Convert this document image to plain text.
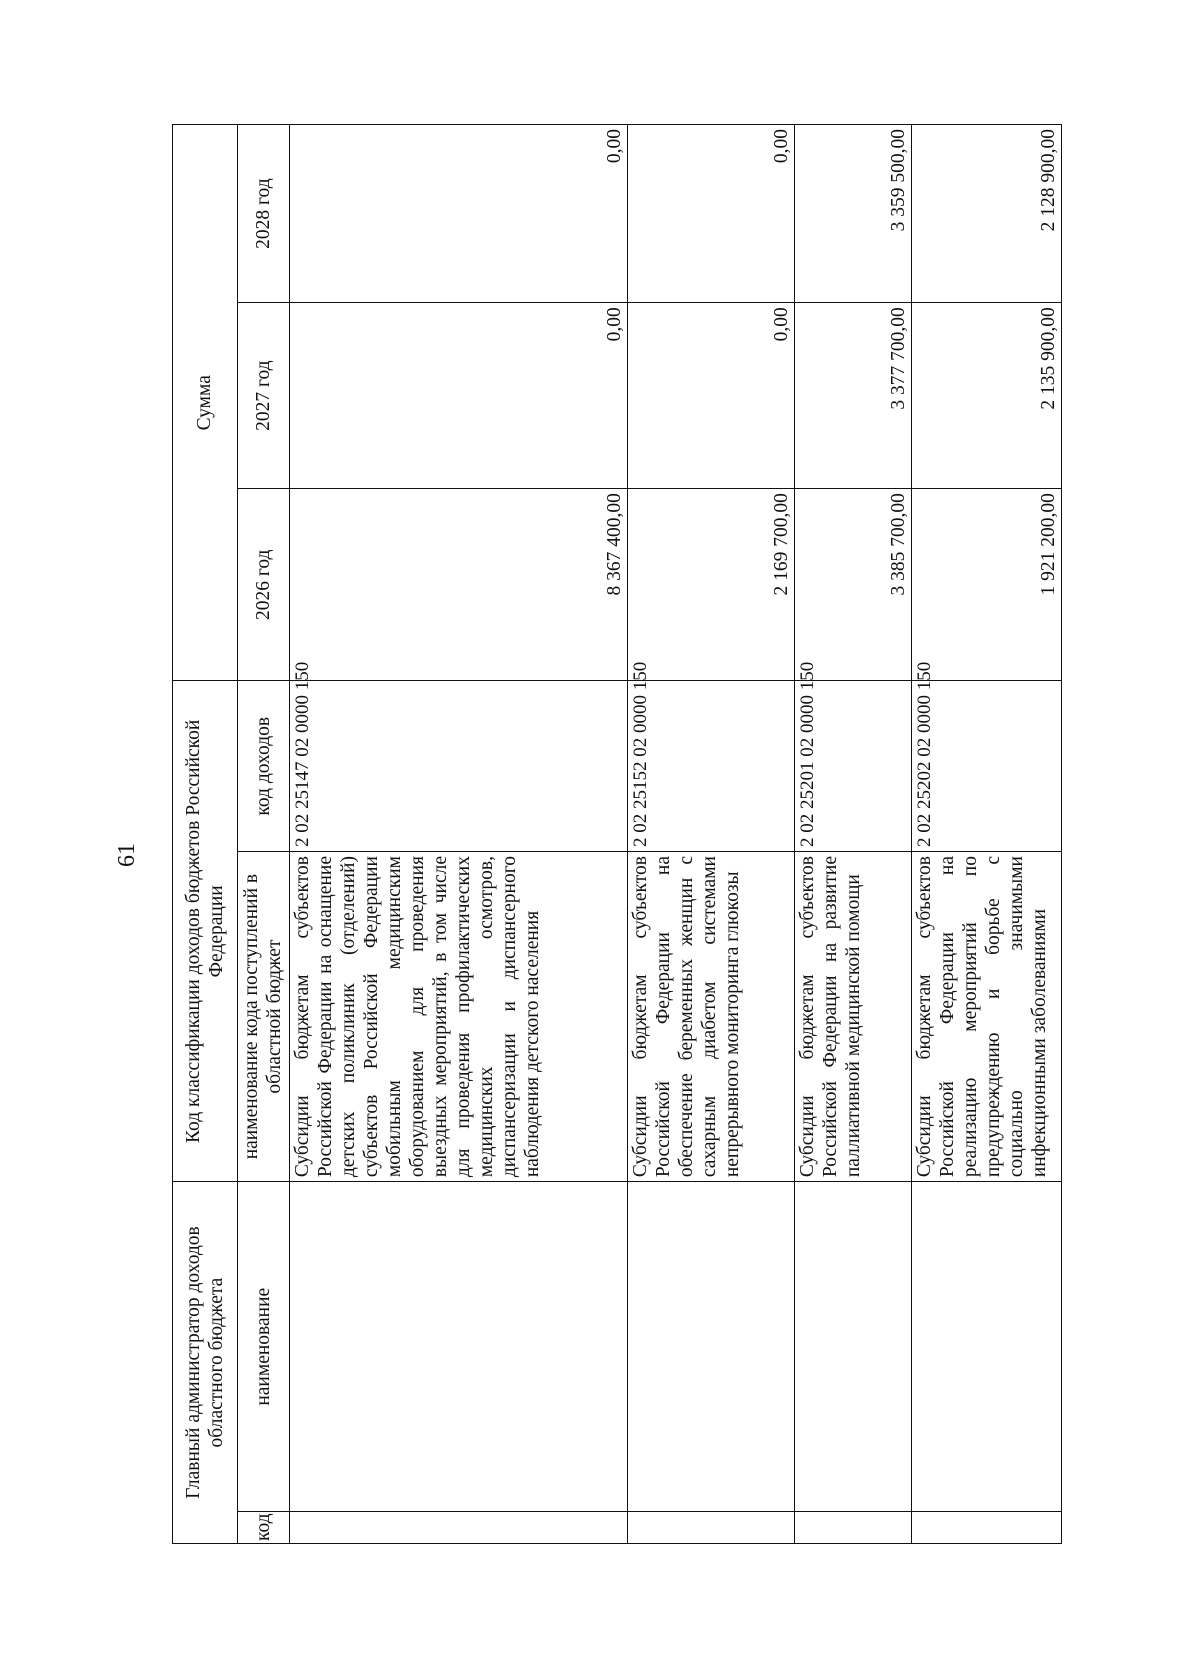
61
Главный администратор доходов областного бюджета		Код классификации доходов бюджетов Российской Федерации		Сумма		
код	наименование	наименование кода поступлений в областной бюджет	код доходов	2026 год	2027 год	2028 год
		Субсидии бюджетам субъектов Российской Федерации на оснащение детских поликлиник (отделений) субъектов Российской Федерации мобильным медицинским оборудованием для проведения выездных мероприятий, в том числе для проведения профилактических медицинских осмотров, диспансеризации и диспансерного наблюдения детского населения	2 02 25147 02 0000 150	8 367 400,00	0,00	0,00
		Субсидии бюджетам субъектов Российской Федерации на обеспечение беременных женщин с сахарным диабетом системами непрерывного мониторинга глюкозы	2 02 25152 02 0000 150	2 169 700,00	0,00	0,00
		Субсидии бюджетам субъектов Российской Федерации на развитие паллиативной медицинской помощи	2 02 25201 02 0000 150	3 385 700,00	3 377 700,00	3 359 500,00
		Субсидии бюджетам субъектов Российской Федерации на реализацию мероприятий по предупреждению и борьбе с социально значимыми инфекционными заболеваниями	2 02 25202 02 0000 150	1 921 200,00	2 135 900,00	2 128 900,00
